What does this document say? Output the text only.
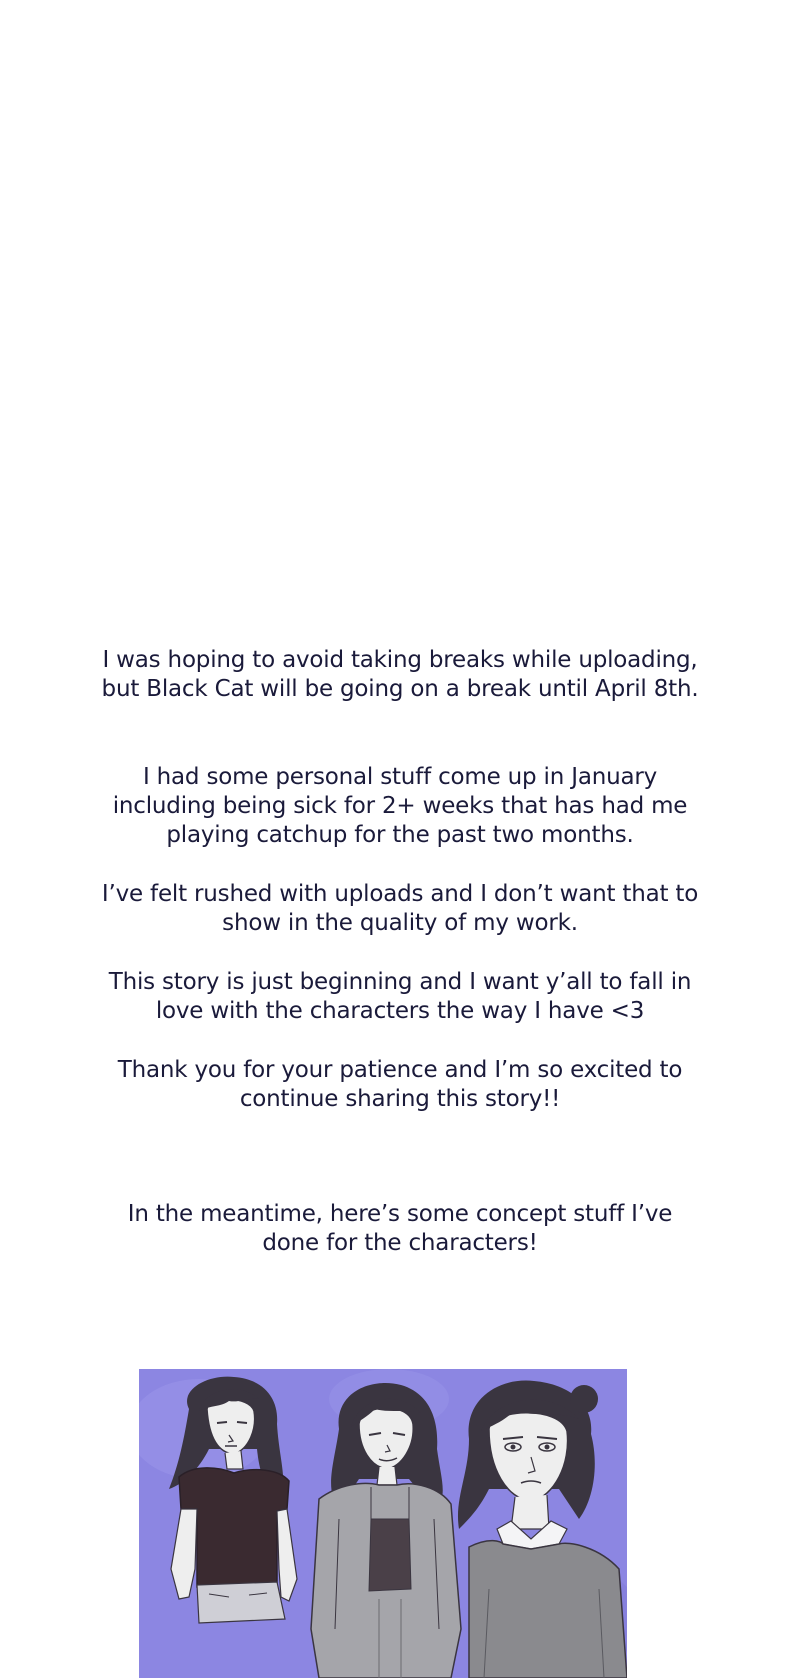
I was hoping to avoid taking breaks while uploading, but Black Cat will be going on a break until April 8th.

I had some personal stuff come up in January including being sick for 2+ weeks that has had me playing catchup for the past two months.

I’ve felt rushed with uploads and I don’t want that to show in the quality of my work.

This story is just beginning and I want y’all to fall in love with the characters the way I have <3

Thank you for your patience and I’m so excited to continue sharing this story!!

In the meantime, here’s some concept stuff I’ve done for the characters!
